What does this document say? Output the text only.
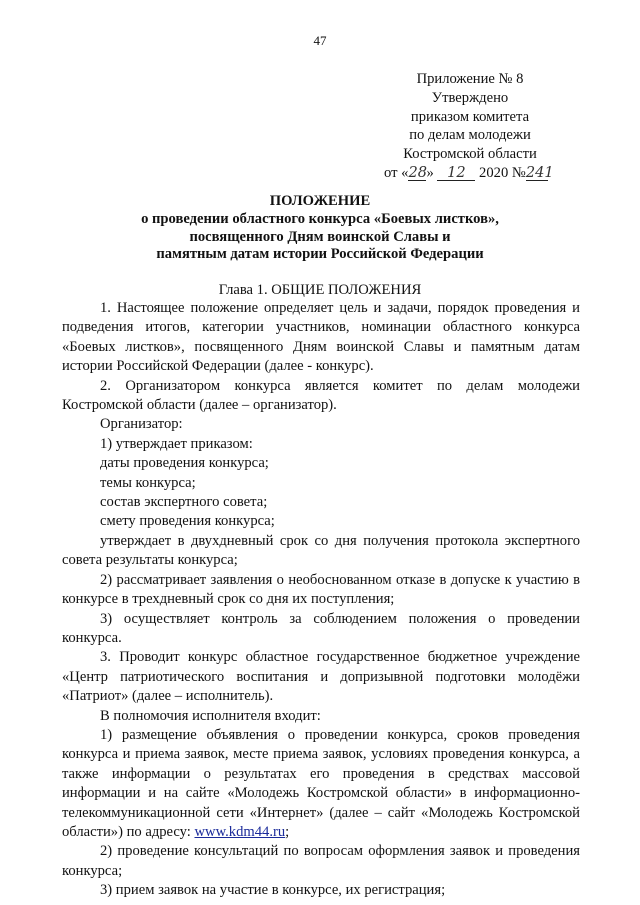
47
Приложение № 8
Утверждено
приказом комитета
по делам молодежи
Костромской области
от «28» 12 2020 №241
ПОЛОЖЕНИЕ
о проведении областного конкурса «Боевых листков»,
посвященного Дням воинской Славы и
памятным датам истории Российской Федерации
Глава 1. ОБЩИЕ ПОЛОЖЕНИЯ

1. Настоящее положение определяет цель и задачи, порядок проведения и подведения итогов, категории участников, номинации областного конкурса «Боевых листков», посвященного Дням воинской Славы и памятным датам истории Российской Федерации (далее - конкурс).

2. Организатором конкурса является комитет по делам молодежи Костромской области (далее – организатор).

Организатор:

1) утверждает приказом:

даты проведения конкурса;

темы конкурса;

состав экспертного совета;

смету проведения конкурса;

утверждает в двухдневный срок со дня получения протокола экспертного совета результаты конкурса;

2) рассматривает заявления о необоснованном отказе в допуске к участию в конкурсе в трехдневный срок со дня их поступления;

3) осуществляет контроль за соблюдением положения о проведении конкурса.

3. Проводит конкурс областное государственное бюджетное учреждение «Центр патриотического воспитания и допризывной подготовки молодёжи «Патриот» (далее – исполнитель).

В полномочия исполнителя входит:

1) размещение объявления о проведении конкурса, сроков проведения конкурса и приема заявок, месте приема заявок, условиях проведения конкурса, а также информации о результатах его проведения в средствах массовой информации и на сайте «Молодежь Костромской области» в информационно-телекоммуникационной сети «Интернет» (далее – сайт «Молодежь Костромской области») по адресу: www.kdm44.ru;

2) проведение консультаций по вопросам оформления заявок и проведения конкурса;

3) прием заявок на участие в конкурсе, их регистрация;
